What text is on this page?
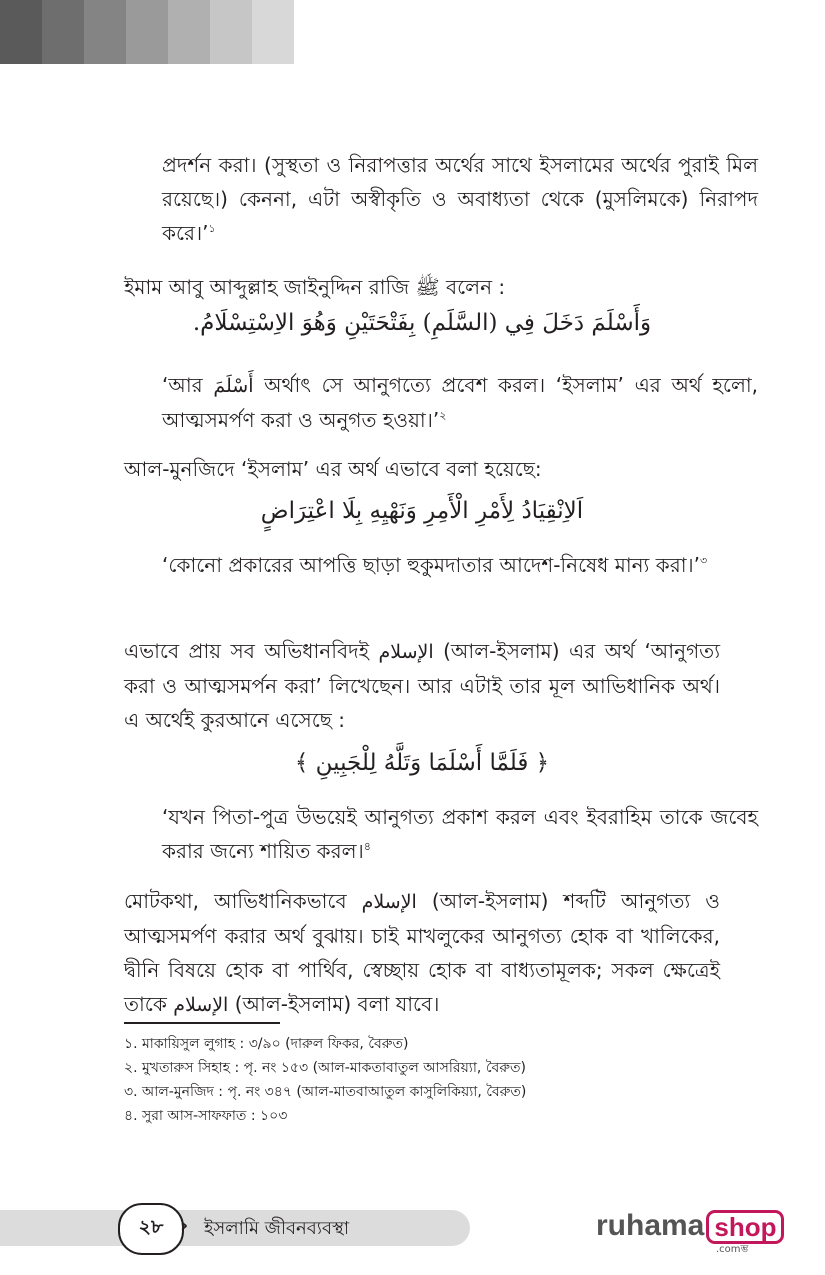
প্রদর্শন করা। (সুস্থতা ও নিরাপত্তার অর্থের সাথে ইসলামের অর্থের পুরাই মিল রয়েছে।) কেননা, এটা অস্বীকৃতি ও অবাধ্যতা থেকে (মুসলিমকে) নিরাপদ করে।’$^১$

ইমাম আবু আব্দুল্লাহ জাইনুদ্দিন রাজি ﷺ বলেন :

وَأَسْلَمَ دَخَلَ فِي (السَّلَمِ) بِفَتْحَتَيْنِ وَهُوَ الاِسْتِسْلَامُ.

‘আর أَسْلَمَ অর্থাৎ সে আনুগত্যে প্রবেশ করল। ‘ইসলাম’ এর অর্থ হলো, আত্মসমর্পণ করা ও অনুগত হওয়া।’$^২$

আল-মুনজিদে ‘ইসলাম’ এর অর্থ এভাবে বলা হয়েছে:

اَلاِنْقِيَادُ لِأَمْرِ الْأَمِرِ وَنَهْيِهِ بِلَا اعْتِرَاضٍ

‘কোনো প্রকারের আপত্তি ছাড়া হুকুমদাতার আদেশ-নিষেধ মান্য করা।’$^৩$

এভাবে প্রায় সব অভিধানবিদই الإسلام (আল-ইসলাম) এর অর্থ ‘আনুগত্য করা ও আত্মসমর্পন করা’ লিখেছেন। আর এটাই তার মূল আভিধানিক অর্থ। এ অর্থেই কুরআনে এসেছে :

﴿ فَلَمَّا أَسْلَمَا وَتَلَّهُ لِلْجَبِينِ ﴾

‘যখন পিতা-পুত্র উভয়েই আনুগত্য প্রকাশ করল এবং ইবরাহিম তাকে জবেহ করার জন্যে শায়িত করল।$^৪$

মোটকথা, আভিধানিকভাবে الإسلام (আল-ইসলাম) শব্দটি আনুগত্য ও আত্মসমর্পণ করার অর্থ বুঝায়। চাই মাখলুকের আনুগত্য হোক বা খালিকের, দ্বীনি বিষয়ে হোক বা পার্থিব, স্বেচ্ছায় হোক বা বাধ্যতামূলক; সকল ক্ষেত্রেই তাকে الإسلام (আল-ইসলাম) বলা যাবে।

১. মাকায়িসুল লুগাহ : ৩/৯০ (দারুল ফিকর, বৈরুত)

২. মুখতারুস সিহাহ : পৃ. নং ১৫৩ (আল-মাকতাবাতুল আসরিয়্যা, বৈরুত)

৩. আল-মুনজিদ : পৃ. নং ৩৪৭ (আল-মাতবাআতুল কাসুলিকিয়্যা, বৈরুত)

৪. সুরা আস-সাফফাত : ১০৩

২৮ › ইসলামি জীবনব্যবস্থা	ruhama shop
.comম্ভ
